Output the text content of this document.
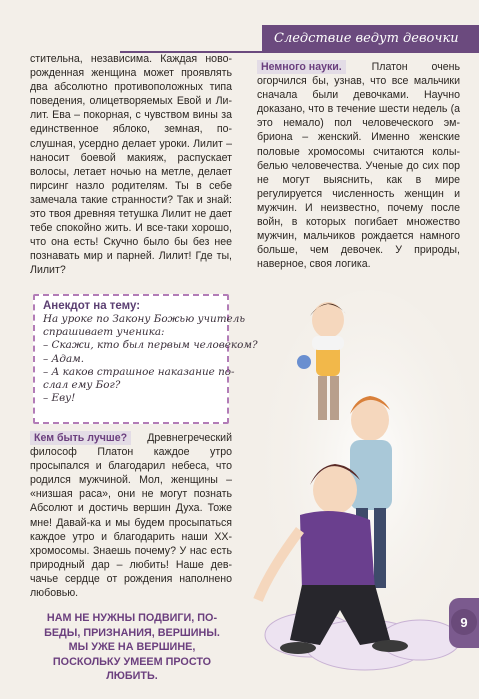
Следствие ведут девочки
стительна, независима. Каждая новорожденная женщина может проявлять два абсолютно противоположных типа поведения, олицетворяемых Евой и Лилит. Ева – покорная, с чувством вины за единственное яблоко, земная, послушная, усердно делает уроки. Лилит – наносит боевой макияж, распускает волосы, летает ночью на метле, делает пирсинг назло родителям. Ты в себе замечала такие странности? Так и знай: это твоя древняя тетушка Лилит не дает тебе спокойно жить. И все-таки хорошо, что она есть! Скучно было бы без нее познавать мир и парней. Лилит! Где ты, Лилит?
Анекдот на тему:
На уроке по Закону Божью учитель
спрашивает ученика:
– Скажи, кто был первым человеком?
– Адам.
– А каков страшное наказание по-
слал ему Бог?
– Еву!
Кем быть лучше? Древнегреческий философ Платон каждое утро просыпался и благодарил небеса, что родился мужчиной. Мол, женщины – «низшая раса», они не могут познать Абсолют и достичь вершин Духа. Тоже мне! Давай-ка и мы будем просыпаться каждое утро и благодарить наши XX-хромосомы. Знаешь почему? У нас есть природный дар – любить! Наше девчачье сердце от рождения наполнено любовью.
НАМ НЕ НУЖНЫ ПОДВИГИ, ПОБЕДЫ, ПРИЗНАНИЯ, ВЕРШИНЫ. МЫ УЖЕ НА ВЕРШИНЕ, ПОСКОЛЬКУ УМЕЕМ ПРОСТО ЛЮБИТЬ.
Немного науки. Платон очень огорчился бы, узнав, что все мальчики сначала были девочками. Научно доказано, что в течение шести недель (а это немало) пол человеческого эмбриона – женский. Именно женские половые хромосомы считаются колыбелью человечества. Ученые до сих пор не могут выяснить, как в мире регулируется численность женщин и мужчин. И неизвестно, почему после войн, в которых погибает множество мужчин, мальчиков рождается намного больше, чем девочек. У природы, наверное, своя логика.
9
